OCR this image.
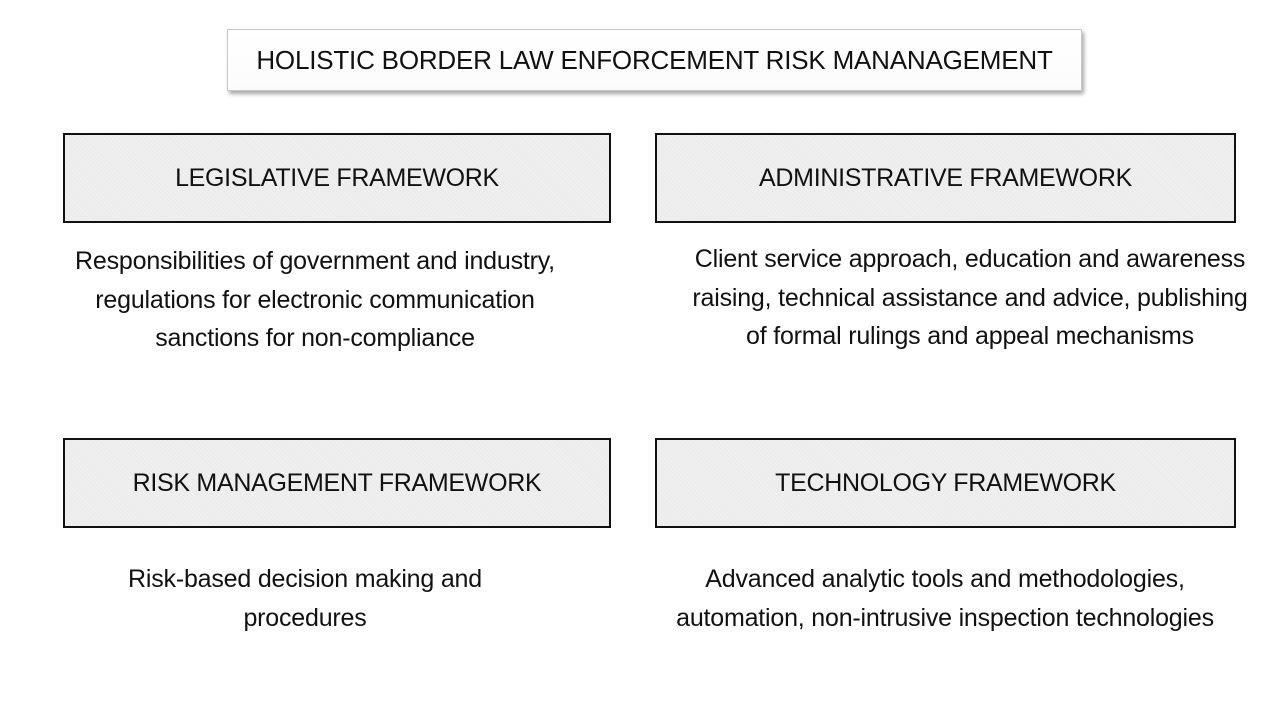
HOLISTIC BORDER LAW ENFORCEMENT RISK MANANAGEMENT
LEGISLATIVE FRAMEWORK
Responsibilities of government and industry, regulations for electronic communication sanctions for non-compliance
ADMINISTRATIVE FRAMEWORK
Client service approach, education and awareness raising, technical assistance and advice, publishing of formal rulings and appeal mechanisms
RISK MANAGEMENT FRAMEWORK
Risk-based decision making and procedures
TECHNOLOGY FRAMEWORK
Advanced analytic tools and methodologies, automation, non-intrusive inspection technologies
